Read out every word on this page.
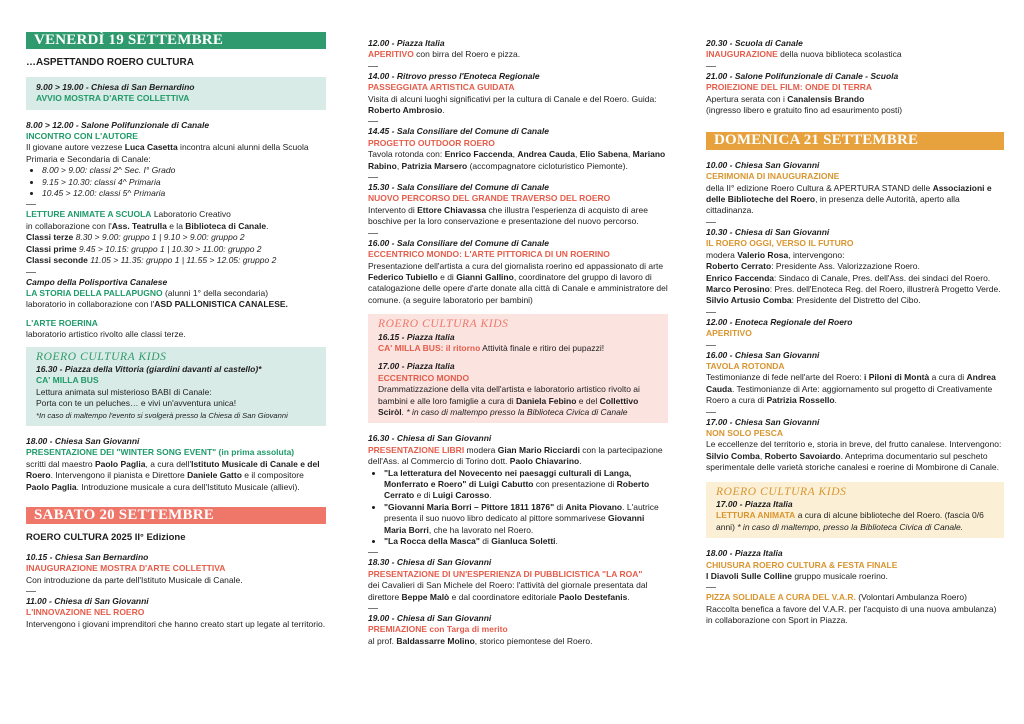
VENERDÌ 19 SETTEMBRE
…ASPETTANDO ROERO CULTURA
9.00 > 19.00 - Chiesa di San Bernardino
AVVIO MOSTRA D'ARTE COLLETTIVA
8.00 > 12.00 - Salone Polifunzionale di Canale
INCONTRO CON L'AUTORE
Il giovane autore vezzese Luca Casetta incontra alcuni alunni della Scuola Primaria e Secondaria di Canale:
• 8.00 > 9.00: classi 2^ Sec. I° Grado
• 9.15 > 10.30: classi 4^ Primaria
• 10.45 > 12.00: classi 5^ Primaria
LETTURE ANIMATE A SCUOLA Laboratorio Creativo
in collaborazione con l'Ass. Teatrulla e la Biblioteca di Canale.
Classi terze 8.30 > 9.00: gruppo 1 | 9.10 > 9.00: gruppo 2
Classi prime 9.45 > 10.15: gruppo 1 | 10.30 > 11.00: gruppo 2
Classi seconde 11.05 > 11.35: gruppo 1 | 11.55 > 12.05: gruppo 2
Campo della Polisportiva Canalese
LA STORIA DELLA PALLAPUGNO (alunni 1° della secondaria)
laboratorio in collaborazione con l'ASD PALLONISTICA CANALESE.
L'ARTE ROERINA
laboratorio artistico rivolto alle classi terze.
ROERO CULTURA KIDS
16.30 - Piazza della Vittoria (giardini davanti al castello)*
CA' MILLA BUS
Lettura animata sul misterioso BABI di Canale:
Porta con te un peluches… e vivi un'avventura unica!
*In caso di maltempo l'evento si svolgerà presso la Chiesa di San Giovanni
18.00 - Chiesa San Giovanni
PRESENTAZIONE DEI "WINTER SONG EVENT" (in prima assoluta)
scritti dal maestro Paolo Paglia, a cura dell'Istituto Musicale di Canale e del Roero. Intervengono il pianista e Direttore Daniele Gatto e il compositore Paolo Paglia. Introduzione musicale a cura dell'Istituto Musicale (allievi).
SABATO 20 SETTEMBRE
ROERO CULTURA 2025 II° Edizione
10.15 - Chiesa San Bernardino
INAUGURAZIONE MOSTRA D'ARTE COLLETTIVA
Con introduzione da parte dell'Istituto Musicale di Canale.
11.00 - Chiesa di San Giovanni
L'INNOVAZIONE NEL ROERO
Intervengono i giovani imprenditori che hanno creato start up legate al territorio.
12.00 - Piazza Italia
APERITIVO con birra del Roero e pizza.
14.00 - Ritrovo presso l'Enoteca Regionale
PASSEGGIATA ARTISTICA GUIDATA
Visita di alcuni luoghi significativi per la cultura di Canale e del Roero. Guida: Roberto Ambrosio.
14.45 - Sala Consiliare del Comune di Canale
PROGETTO OUTDOOR ROERO
Tavola rotonda con: Enrico Faccenda, Andrea Cauda, Elio Sabena, Mariano Rabino, Patrizia Marsero (accompagnatore cicloturistico Piemonte).
15.30 - Sala Consiliare del Comune di Canale
NUOVO PERCORSO DEL GRANDE TRAVERSO DEL ROERO
Intervento di Ettore Chiavassa che illustra l'esperienza di acquisto di aree boschive per la loro conservazione e presentazione del nuovo percorso.
16.00 - Sala Consiliare del Comune di Canale
ECCENTRICO MONDO: L'ARTE PITTORICA DI UN ROERINO
Presentazione dell'artista a cura del giornalista roerino ed appassionato di arte Federico Tubiello e di Gianni Gallino, coordinatore del gruppo di lavoro di catalogazione delle opere d'arte donate alla città di Canale e amministratore del comune. (a seguire laboratorio per bambini)
ROERO CULTURA KIDS
16.15 - Piazza Italia
CA' MILLA BUS: il ritorno Attività finale e ritiro dei pupazzi!
17.00 - Piazza Italia
ECCENTRICO MONDO
Drammatizzazione della vita dell'artista e laboratorio artistico rivolto ai bambini e alle loro famiglie a cura di Daniela Febino e del Collettivo Sciròl. * in caso di maltempo presso la Biblioteca Civica di Canale
16.30 - Chiesa di San Giovanni
PRESENTAZIONE LIBRI modera Gian Mario Ricciardi con la partecipazione dell'Ass. al Commercio di Torino dott. Paolo Chiavarino.
• "La letteratura del Novecento nei paesaggi culturali di Langa, Monferrato e Roero" di Luigi Cabutto con presentazione di Roberto Cerrato e di Luigi Carosso.
• "Giovanni Maria Borri – Pittore 1811 1876" di Anita Piovano. L'autrice presenta il suo nuovo libro dedicato al pittore sommarivese Giovanni Maria Borri, che ha lavorato nel Roero.
• "La Rocca della Masca" di Gianluca Soletti.
18.30 - Chiesa di San Giovanni
PRESENTAZIONE DI UN'ESPERIENZA DI PUBBLICISTICA "LA ROA"
dei Cavalieri di San Michele del Roero: l'attività del giornale presentata dal direttore Beppe Malò e dal coordinatore editoriale Paolo Destefanis.
19.00 - Chiesa di San Giovanni
PREMIAZIONE con Targa di merito
al prof. Baldassarre Molino, storico piemontese del Roero.
20.30 - Scuola di Canale
INAUGURAZIONE della nuova biblioteca scolastica
21.00 - Salone Polifunzionale di Canale - Scuola
PROIEZIONE DEL FILM: ONDE DI TERRA
Apertura serata con i Canalensis Brando
(ingresso libero e gratuito fino ad esaurimento posti)
DOMENICA 21 SETTEMBRE
10.00 - Chiesa San Giovanni
CERIMONIA DI INAUGURAZIONE
della II° edizione Roero Cultura & APERTURA STAND delle Associazioni e delle Biblioteche del Roero, in presenza delle Autorità, aperto alla cittadinanza.
10.30 - Chiesa di San Giovanni
IL ROERO OGGI, VERSO IL FUTURO
modera Valerio Rosa, intervengono:
Roberto Cerrato: Presidente Ass. Valorizzazione Roero.
Enrico Faccenda: Sindaco di Canale, Pres. dell'Ass. dei sindaci del Roero.
Marco Perosino: Pres. dell'Enoteca Reg. del Roero, illustrerà Progetto Verde.
Silvio Artusio Comba: Presidente del Distretto del Cibo.
12.00 - Enoteca Regionale del Roero
APERITIVO
16.00 - Chiesa San Giovanni
TAVOLA ROTONDA
Testimonianze di fede nell'arte del Roero: i Piloni di Montà a cura di Andrea Cauda. Testimonianze di Arte: aggiornamento sul progetto di Creativamente Roero a cura di Patrizia Rossello.
17.00 - Chiesa San Giovanni
NON SOLO PESCA
Le eccellenze del territorio e, storia in breve, del frutto canalese. Intervengono: Silvio Comba, Roberto Savoiardo. Anteprima documentario sul pescheto sperimentale delle varietà storiche canalesi e roerine di Mombirone di Canale.
ROERO CULTURA KIDS
17.00 - Piazza Italia
LETTURA ANIMATA a cura di alcune biblioteche del Roero. (fascia 0/6 anni) * in caso di maltempo, presso la Biblioteca Civica di Canale.
18.00 - Piazza Italia
CHIUSURA ROERO CULTURA & FESTA FINALE
I Diavoli Sulle Colline gruppo musicale roerino.
PIZZA SOLIDALE A CURA DEL V.A.R. (Volontari Ambulanza Roero)
Raccolta benefica a favore del V.A.R. per l'acquisto di una nuova ambulanza) in collaborazione con Sport in Piazza.
